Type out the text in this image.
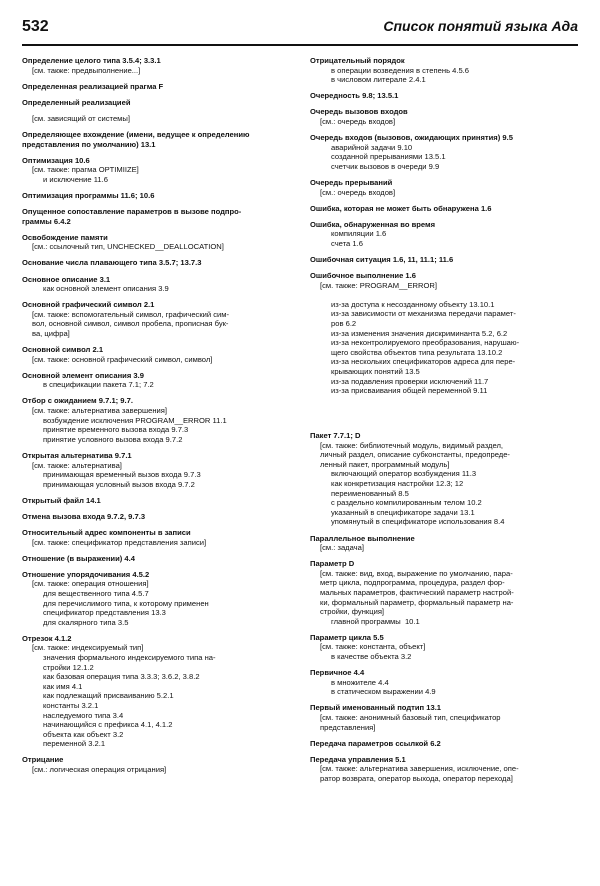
532	Список понятий языка Ада
Определение целого типа 3.5.4; 3.3.1
[см. также: предвыполнение...]
Определенная реализацией прагма F
Определенный реализацией
[см. зависящий от системы]
Определяющее вхождение (имени, ведущее к определению
представления по умолчанию) 13.1
Оптимизация 10.6
[см. также: прагма OPTIMIIZE]
и исключение 11.6
Оптимизация программы 11.6; 10.6
Опущенное сопоставление параметров в вызове подпро-
граммы 6.4.2
Освобождение памяти
[см.: ссылочный тип, UNCHECKED__DEALLOCATION]
Основание числа плавающего типа 3.5.7; 13.7.3
Основное описание 3.1
как основной элемент описания 3.9
Основной графический символ 2.1
[см. также: вспомогательный символ, графический сим-
вол, основной символ, символ пробела, прописная бук-
ва, цифра]
Основной символ 2.1
[см. также: основной графический символ, символ]
Основной элемент описания 3.9
в спецификации пакета 7.1; 7.2
Отбор с ожиданием 9.7.1; 9.7.
[см. также: альтернатива завершения]
возбуждение исключения PROGRAM__ERROR 11.1
принятие временного вызова входа 9.7.3
принятие условного вызова входа 9.7.2
Открытая альтернатива 9.7.1
[см. также: альтернатива]
принимающая временный вызов входа 9.7.3
принимающая условный вызов входа 9.7.2
Открытый файл 14.1
Отмена вызова входа 9.7.2, 9.7.3
Относительный адрес компоненты в записи
[см. также: спецификатор представления записи]
Отношение (в выражении) 4.4
Отношение упорядочивания 4.5.2
[см. также: операция отношения]
для вещественного типа 4.5.7
для перечислимого типа, к которому применен
спецификатор представления 13.3
для скалярного типа 3.5
Отрезок 4.1.2
[см. также: индексируемый тип]
значения формального индексируемого типа на-
стройки 12.1.2
как базовая операция типа 3.3.3; 3.6.2, 3.8.2
как имя 4.1
как подлежащий присваиванию 5.2.1
константы 3.2.1
наследуемого типа 3.4
начинающийся с префикса 4.1, 4.1.2
объекта как объект 3.2
переменной 3.2.1
Отрицание
[см.: логическая операция отрицания]
Отрицательный порядок
в операции возведения в степень 4.5.6
в числовом литерале 2.4.1
Очередность 9.8; 13.5.1
Очередь вызовов входов
[см.: очередь входов]
Очередь входов (вызовов, ожидающих принятия) 9.5
аварийной задачи 9.10
созданной прерываниями 13.5.1
счетчик вызовов в очереди 9.9
Очередь прерываний
[см.: очередь входов]
Ошибка, которая не может быть обнаружена 1.6
Ошибка, обнаруженная во время
компиляции 1.6
счета 1.6
Ошибочная ситуация 1.6, 11, 11.1; 11.6
Ошибочное выполнение 1.6
[см. также: PROGRAM__ERROR]

из-за доступа к несозданному объекту 13.10.1
из-за зависимости от механизма передачи парамет-
ров 6.2
из-за изменения значения дискриминанта 5.2, 6.2
из-за неконтролируемого преобразования, нарушаю-
щего свойства объектов типа результата 13.10.2
из-за нескольких спецификаторов адреса для пере-
крывающих понятий 13.5
из-за подавления проверки исключений 11.7
из-за присваивания общей переменной 9.11

Пакет 7.7.1; D
[см. также: библиотечный модуль, видимый раздел,
личный раздел, описание субконстанты, предопреде-
ленный пакет, программный модуль]
включающий оператор возбуждения 11.3
как конкретизация настройки 12.3; 12
переименованный 8.5
с раздельно компилированным телом 10.2
указанный в спецификаторе задачи 13.1
упомянутый в спецификаторе использования 8.4
Параллельное выполнение
[см.: задача]
Параметр D
[см. также: вид, вход, выражение по умолчанию, пара-
метр цикла, подпрограмма, процедура, раздел фор-
мальных параметров, фактический параметр настрой-
ки, формальный параметр, формальный параметр на-
стройки, функция]
главной программы  10.1
Параметр цикла 5.5
[см. также: константа, объект]
в качестве объекта 3.2
Первичное 4.4
в множителе 4.4
в статическом выражении 4.9
Первый именованный подтип 13.1
[см. также: анонимный базовый тип, спецификатор
представления]
Передача параметров ссылкой 6.2
Передача управления 5.1
[см. также: альтернатива завершения, исключение, опе-
ратор возврата, оператор выхода, оператор перехода]
